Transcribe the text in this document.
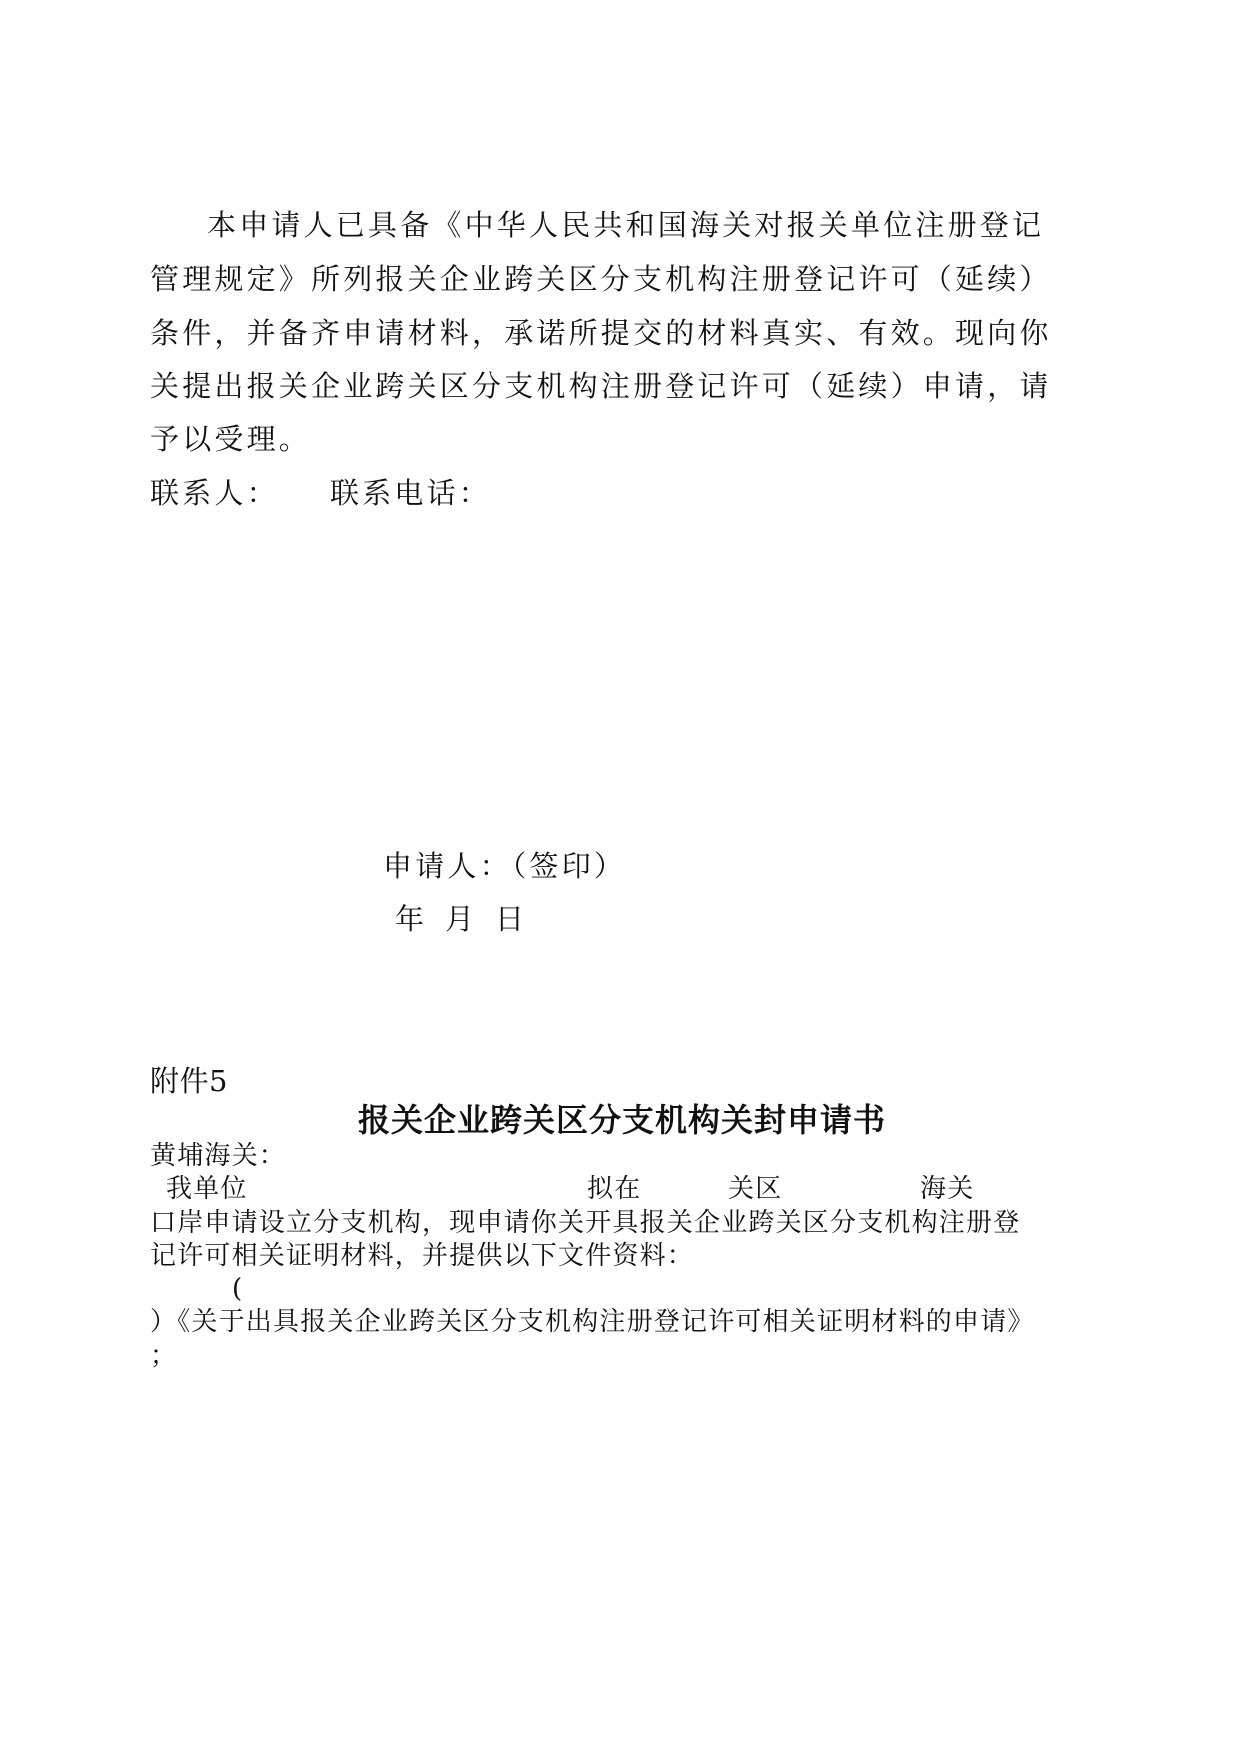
本申请人已具备《中华人民共和国海关对报关单位注册登记
管理规定》所列报关企业跨关区分支机构注册登记许可（延续）
条件，并备齐申请材料，承诺所提交的材料真实、有效。现向你
关提出报关企业跨关区分支机构注册登记许可（延续）申请，请
予以受理。
联系人： 联系电话：
申请人：（签印）
年 月 日
附件5
报关企业跨关区分支机构关封申请书
黄埔海关：
我单位	拟在	关区	海关
口岸申请设立分支机构，现申请你关开具报关企业跨关区分支机构注册登
记许可相关证明材料，并提供以下文件资料：
(
）《关于出具报关企业跨关区分支机构注册登记许可相关证明材料的申请》
；
